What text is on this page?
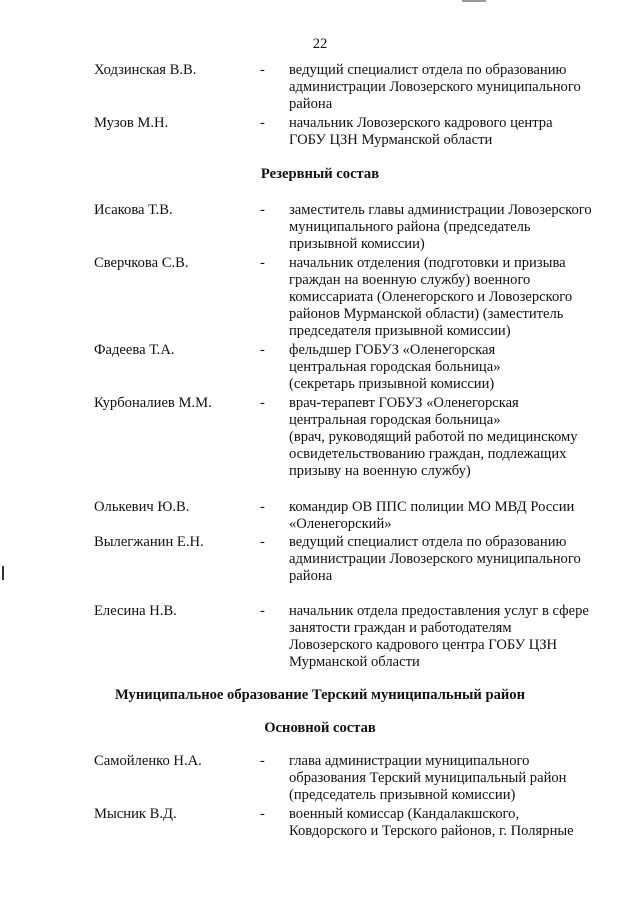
22
Ходзинская В.В.	- ведущий специалист отдела по образованию
администрации Ловозерского муниципального
района
Музов М.Н.	- начальник Ловозерского кадрового центра
ГОБУ ЦЗН Мурманской области
Резервный состав
Исакова Т.В.	- заместитель главы администрации Ловозерского
муниципального района (председатель
призывной комиссии)
Сверчкова С.В.	- начальник отделения (подготовки и призыва
граждан на военную службу) военного
комиссариата (Оленегорского и Ловозерского
районов Мурманской области) (заместитель
председателя призывной комиссии)
Фадеева Т.А.	- фельдшер ГОБУЗ «Оленегорская
центральная городская больница»
(секретарь призывной комиссии)
Курбоналиев М.М.	- врач-терапевт ГОБУЗ «Оленегорская
центральная городская больница»
(врач, руководящий работой по медицинскому
освидетельствованию граждан, подлежащих
призыву на военную службу)
Олькевич Ю.В.	- командир ОВ ППС полиции МО МВД России
«Оленегорский»
Вылегжанин Е.Н.	- ведущий специалист отдела по образованию
администрации Ловозерского муниципального
района
Елесина Н.В.	- начальник отдела предоставления услуг в сфере
занятости граждан и работодателям
Ловозерского кадрового центра ГОБУ ЦЗН
Мурманской области
Муниципальное образование Терский муниципальный район
Основной состав
Самойленко Н.А.	- глава администрации муниципального
образования Терский муниципальный район
(председатель призывной комиссии)
Мысник В.Д.	- военный комиссар (Кандалакшского,
Ковдорского и Терского районов, г. Полярные
